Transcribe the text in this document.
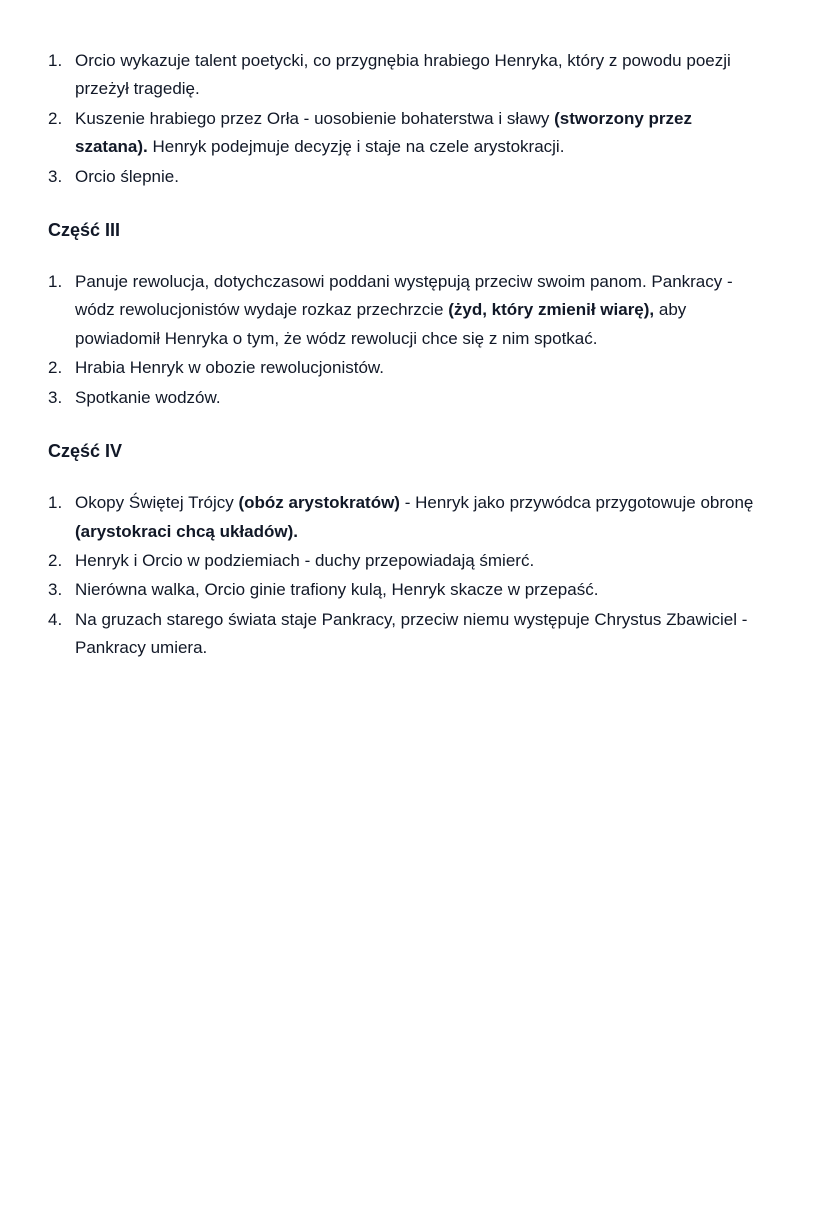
1. Orcio wykazuje talent poetycki, co przygnębia hrabiego Henryka, który z powodu poezji przeżył tragedię.
2. Kuszenie hrabiego przez Orła - uosobienie bohaterstwa i sławy (stworzony przez szatana). Henryk podejmuje decyzję i staje na czele arystokracji.
3. Orcio ślepnie.
Część III
1. Panuje rewolucja, dotychczasowi poddani występują przeciw swoim panom. Pankracy - wódz rewolucjonistów wydaje rozkaz przechrzcie (żyd, który zmienił wiarę), aby powiadomił Henryka o tym, że wódz rewolucji chce się z nim spotkać.
2. Hrabia Henryk w obozie rewolucjonistów.
3. Spotkanie wodzów.
Część IV
1. Okopy Świętej Trójcy (obóz arystokratów) - Henryk jako przywódca przygotowuje obronę (arystokraci chcą układów).
2. Henryk i Orcio w podziemiach - duchy przepowiadają śmierć.
3. Nierówna walka, Orcio ginie trafiony kulą, Henryk skacze w przepaść.
4. Na gruzach starego świata staje Pankracy, przeciw niemu występuje Chrystus Zbawiciel - Pankracy umiera.
